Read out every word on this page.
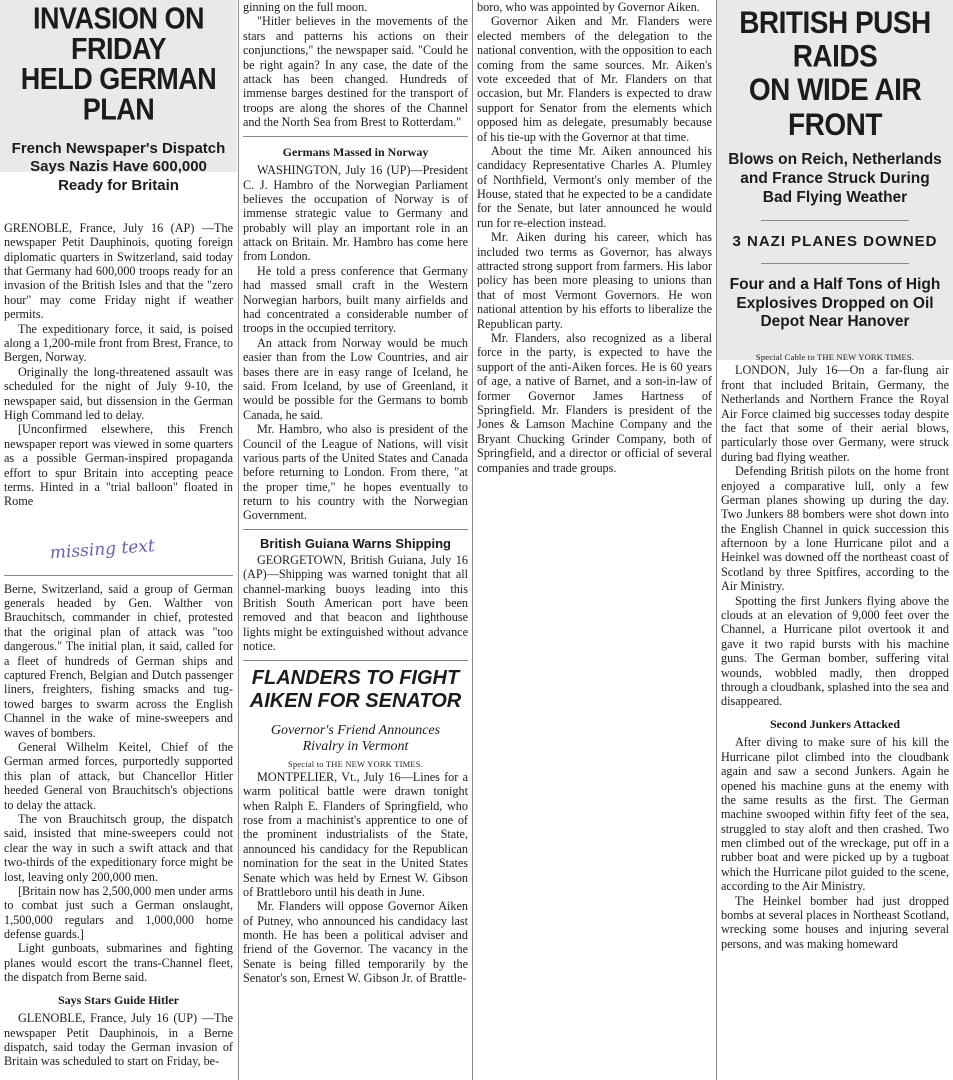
INVASION ON FRIDAY
HELD GERMAN PLAN
French Newspaper's Dispatch
Says Nazis Have 600,000
Ready for Britain

GRENOBLE, France, July 16 (AP) —The newspaper Petit Dauphinois, quoting foreign diplomatic quarters in Switzerland, said today that Germany had 600,000 troops ready for an invasion of the British Isles and that the "zero hour" may come Friday night if weather permits.

The expeditionary force, it said, is poised along a 1,200-mile front from Brest, France, to Bergen, Norway.

Originally the long-threatened assault was scheduled for the night of July 9-10, the newspaper said, but dissension in the German High Command led to delay.

[Unconfirmed elsewhere, this French newspaper report was viewed in some quarters as a possible German-inspired propaganda effort to spur Britain into accepting peace terms. Hinted in a "trial balloon" floated in Rome

missing text

Berne, Switzerland, said a group of German generals headed by Gen. Walther von Brauchitsch, commander in chief, protested that the original plan of attack was "too dangerous." The initial plan, it said, called for a fleet of hundreds of German ships and captured French, Belgian and Dutch passenger liners, freighters, fishing smacks and tug-towed barges to swarm across the English Channel in the wake of mine-sweepers and waves of bombers.

General Wilhelm Keitel, Chief of the German armed forces, purportedly supported this plan of attack, but Chancellor Hitler heeded General von Brauchitsch's objections to delay the attack.

The von Brauchitsch group, the dispatch said, insisted that mine-sweepers could not clear the way in such a swift attack and that two-thirds of the expeditionary force might be lost, leaving only 200,000 men.

[Britain now has 2,500,000 men under arms to combat just such a German onslaught, 1,500,000 regulars and 1,000,000 home defense guards.]

Light gunboats, submarines and fighting planes would escort the trans-Channel fleet, the dispatch from Berne said.

Says Stars Guide Hitler

GLENOBLE, France, July 16 (UP) —The newspaper Petit Dauphinois, in a Berne dispatch, said today the German invasion of Britain was scheduled to start on Friday, be-

ginning on the full moon.

"Hitler believes in the movements of the stars and patterns his actions on their conjunctions," the newspaper said. "Could he be right again? In any case, the date of the attack has been changed. Hundreds of immense barges destined for the transport of troops are along the shores of the Channel and the North Sea from Brest to Rotterdam."

Germans Massed in Norway

WASHINGTON, July 16 (UP)—President C. J. Hambro of the Norwegian Parliament believes the occupation of Norway is of immense strategic value to Germany and probably will play an important role in an attack on Britain. Mr. Hambro has come here from London.

He told a press conference that Germany had massed small craft in the Western Norwegian harbors, built many airfields and had concentrated a considerable number of troops in the occupied territory.

An attack from Norway would be much easier than from the Low Countries, and air bases there are in easy range of Iceland, he said. From Iceland, by use of Greenland, it would be possible for the Germans to bomb Canada, he said.

Mr. Hambro, who also is president of the Council of the League of Nations, will visit various parts of the United States and Canada before returning to London. From there, "at the proper time," he hopes eventually to return to his country with the Norwegian Government.

British Guiana Warns Shipping

GEORGETOWN, British Guiana, July 16 (AP)—Shipping was warned tonight that all channel-marking buoys leading into this British South American port have been removed and that beacon and lighthouse lights might be extinguished without advance notice.

FLANDERS TO FIGHT
AIKEN FOR SENATOR
Governor's Friend Announces
Rivalry in Vermont
Special to THE NEW YORK TIMES.

MONTPELIER, Vt., July 16—Lines for a warm political battle were drawn tonight when Ralph E. Flanders of Springfield, who rose from a machinist's apprentice to one of the prominent industrialists of the State, announced his candidacy for the Republican nomination for the seat in the United States Senate which was held by Ernest W. Gibson of Brattleboro until his death in June.

Mr. Flanders will oppose Governor Aiken of Putney, who announced his candidacy last month. He has been a political adviser and friend of the Governor. The vacancy in the Senate is being filled temporarily by the Senator's son, Ernest W. Gibson Jr. of Brattle-

boro, who was appointed by Governor Aiken.

Governor Aiken and Mr. Flanders were elected members of the delegation to the national convention, with the opposition to each coming from the same sources. Mr. Aiken's vote exceeded that of Mr. Flanders on that occasion, but Mr. Flanders is expected to draw support for Senator from the elements which opposed him as delegate, presumably because of his tie-up with the Governor at that time.

About the time Mr. Aiken announced his candidacy Representative Charles A. Plumley of Northfield, Vermont's only member of the House, stated that he expected to be a candidate for the Senate, but later announced he would run for re-election instead.

Mr. Aiken during his career, which has included two terms as Governor, has always attracted strong support from farmers. His labor policy has been more pleasing to unions than that of most Vermont Governors. He won national attention by his efforts to liberalize the Republican party.

Mr. Flanders, also recognized as a liberal force in the party, is expected to have the support of the anti-Aiken forces. He is 60 years of age, a native of Barnet, and a son-in-law of former Governor James Hartness of Springfield. Mr. Flanders is president of the Jones & Lamson Machine Company and the Bryant Chucking Grinder Company, both of Springfield, and a director or official of several companies and trade groups.

BRITISH PUSH RAIDS
ON WIDE AIR FRONT
Blows on Reich, Netherlands
and France Struck During
Bad Flying Weather
3 NAZI PLANES DOWNED
Four and a Half Tons of High
Explosives Dropped on Oil
Depot Near Hanover
Special Cable to THE NEW YORK TIMES.

LONDON, July 16—On a far-flung air front that included Britain, Germany, the Netherlands and Northern France the Royal Air Force claimed big successes today despite the fact that some of their aerial blows, particularly those over Germany, were struck during bad flying weather.

Defending British pilots on the home front enjoyed a comparative lull, only a few German planes showing up during the day. Two Junkers 88 bombers were shot down into the English Channel in quick succession this afternoon by a lone Hurricane pilot and a Heinkel was downed off the northeast coast of Scotland by three Spitfires, according to the Air Ministry.

Spotting the first Junkers flying above the clouds at an elevation of 9,000 feet over the Channel, a Hurricane pilot overtook it and gave it two rapid bursts with his machine guns. The German bomber, suffering vital wounds, wobbled madly, then dropped through a cloudbank, splashed into the sea and disappeared.

Second Junkers Attacked

After diving to make sure of his kill the Hurricane pilot climbed into the cloudbank again and saw a second Junkers. Again he opened his machine guns at the enemy with the same results as the first. The German machine swooped within fifty feet of the sea, struggled to stay aloft and then crashed. Two men climbed out of the wreckage, put off in a rubber boat and were picked up by a tugboat which the Hurricane pilot guided to the scene, according to the Air Ministry.

The Heinkel bomber had just dropped bombs at several places in Northeast Scotland, wrecking some houses and injuring several persons, and was making homeward
